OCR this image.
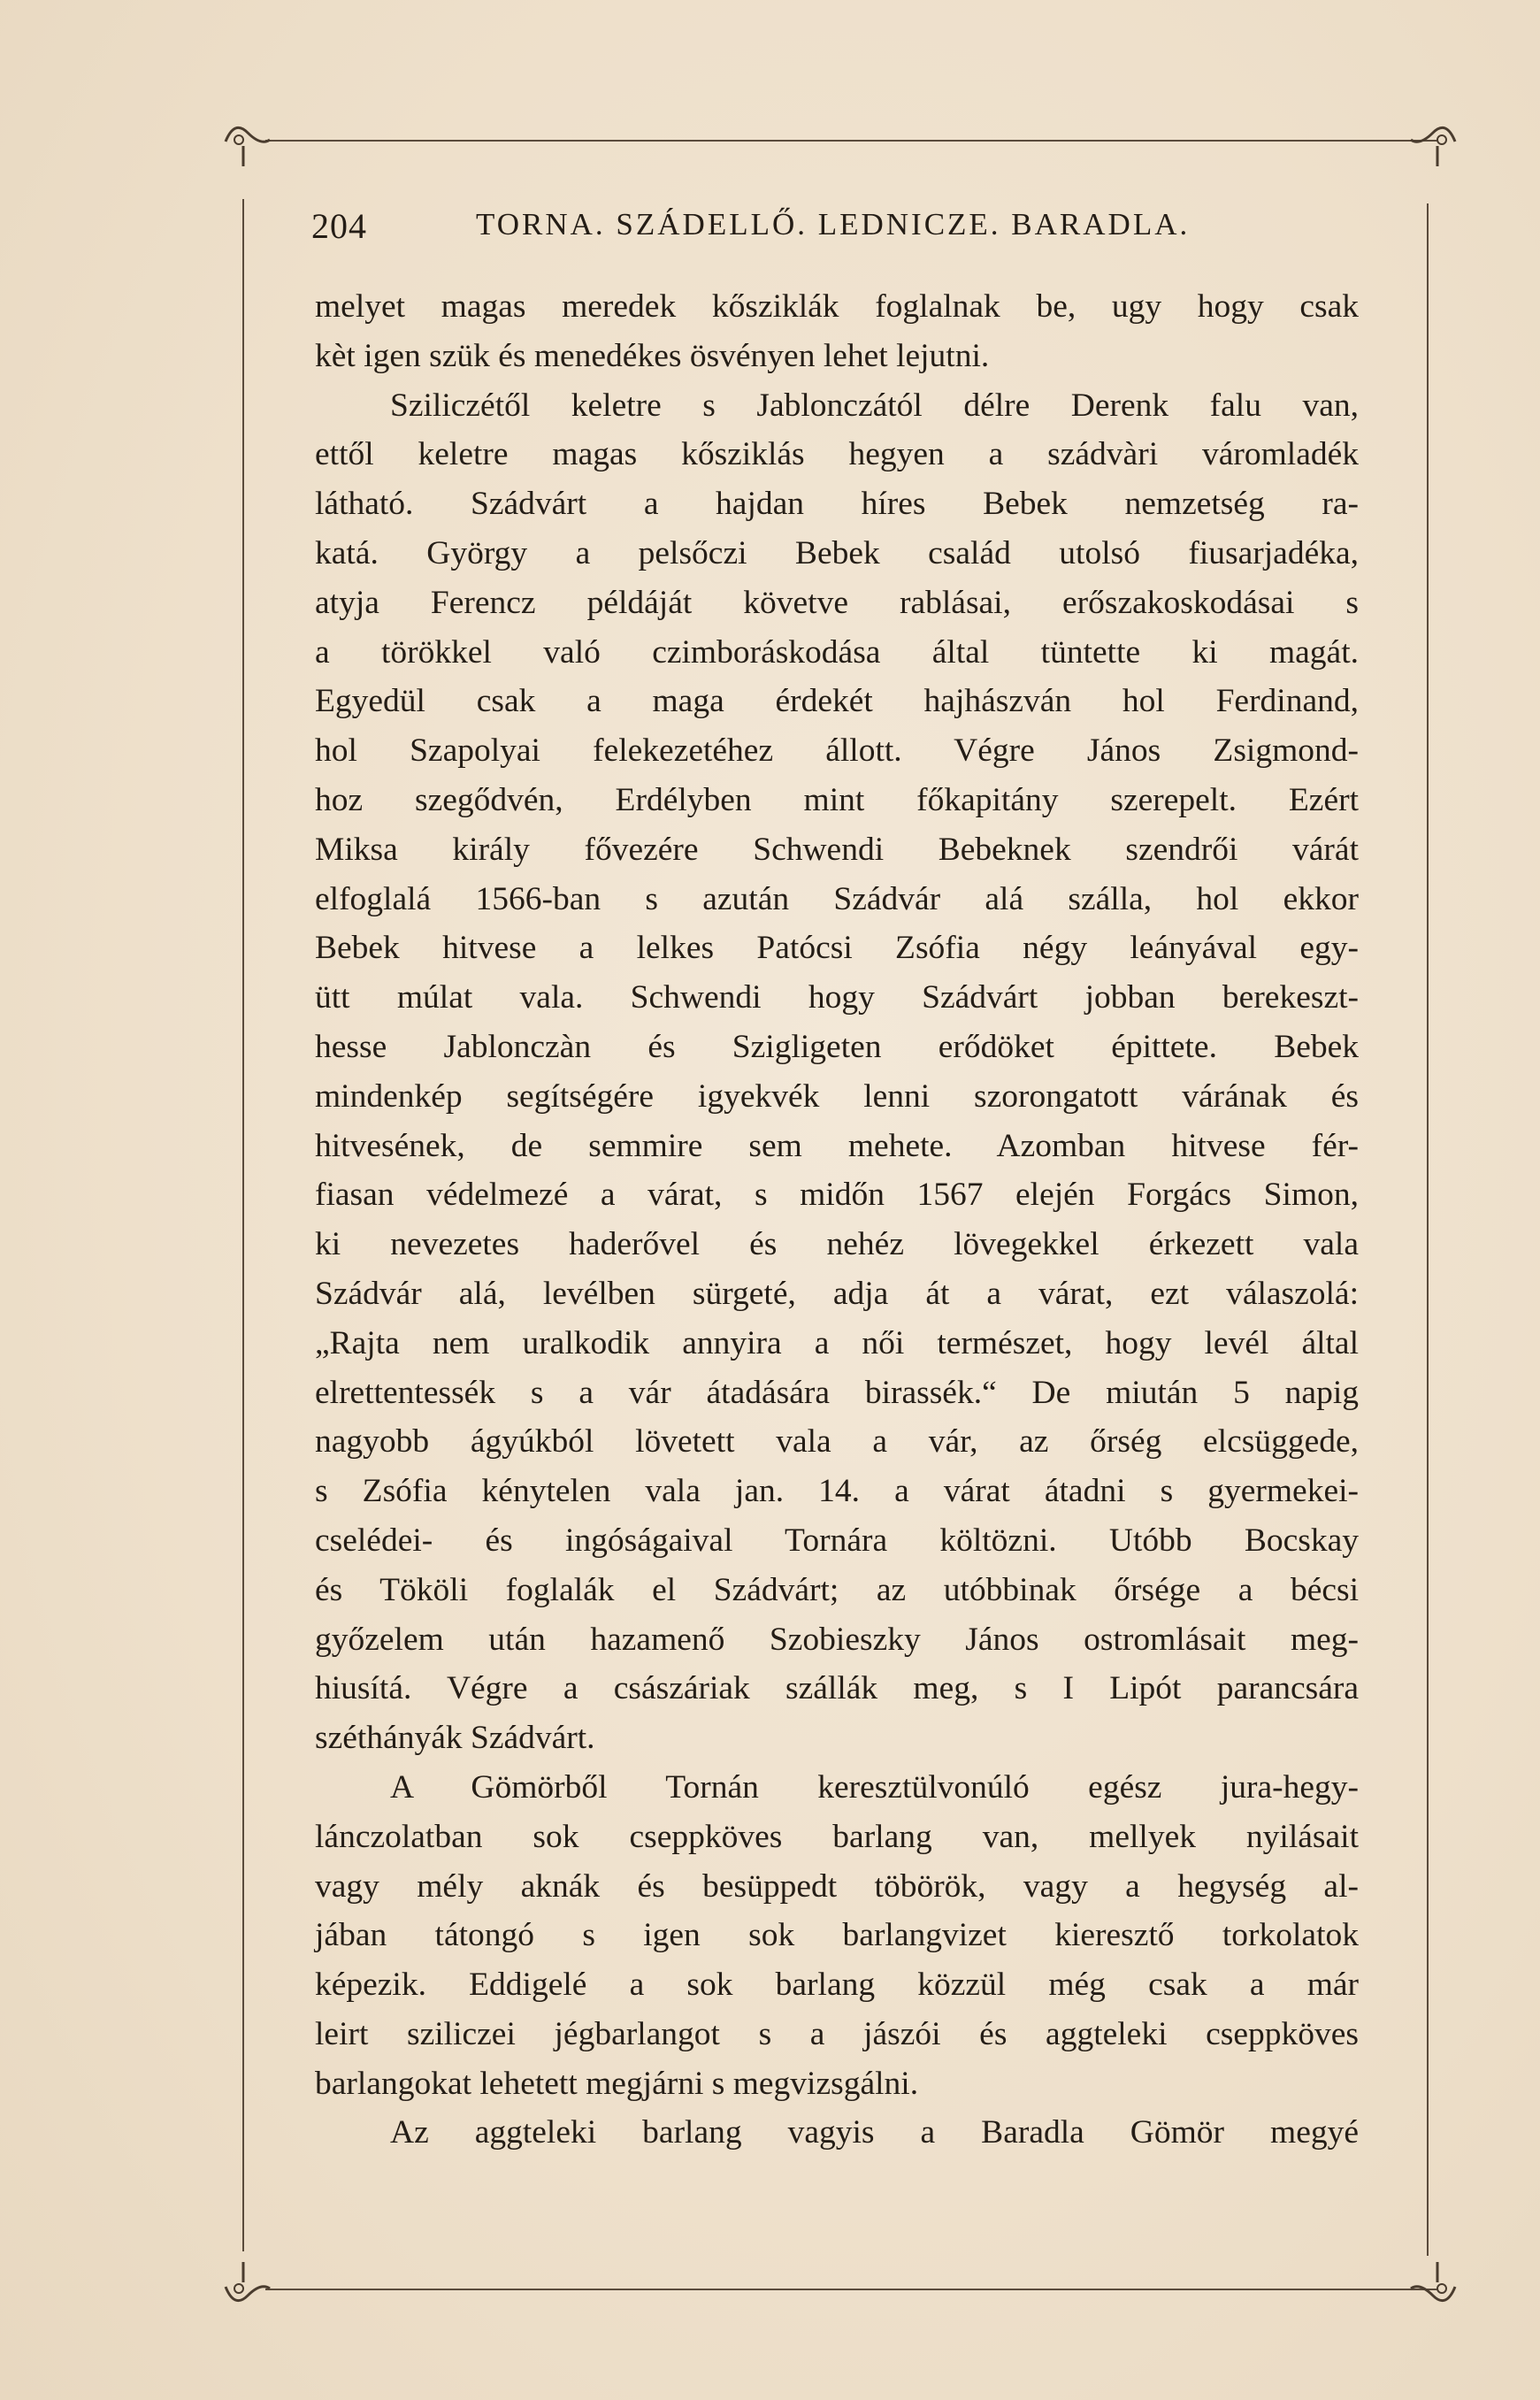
204	TORNA. SZÁDELLŐ. LEDNICZE. BARADLA.
melyet magas meredek kősziklák foglalnak be, ugy hogy csak
kèt igen szük és menedékes ösvényen lehet lejutni.
Sziliczétől keletre s Jablonczától délre Derenk falu van,
ettől keletre magas kősziklás hegyen a szádvàri váromladék
látható. Szádvárt a hajdan híres Bebek nemzetség ra-
katá. György a pelsőczi Bebek család utolsó fiusarjadéka,
atyja Ferencz példáját követve rablásai, erőszakoskodásai s
a törökkel való czimboráskodása által tüntette ki magát.
Egyedül csak a maga érdekét hajhászván hol Ferdinand,
hol Szapolyai felekezetéhez állott. Végre János Zsigmond-
hoz szegődvén, Erdélyben mint főkapitány szerepelt. Ezért
Miksa király fővezére Schwendi Bebeknek szendrői várát
elfoglalá 1566-ban s azután Szádvár alá szálla, hol ekkor
Bebek hitvese a lelkes Patócsi Zsófia négy leányával egy-
ütt múlat vala. Schwendi hogy Szádvárt jobban berekeszt-
hesse Jablonczàn és Szigligeten erődöket épittete. Bebek
mindenkép segítségére igyekvék lenni szorongatott várának és
hitvesének, de semmire sem mehete. Azomban hitvese fér-
fiasan védelmezé a várat, s midőn 1567 elején Forgács Simon,
ki nevezetes haderővel és nehéz lövegekkel érkezett vala
Szádvár alá, levélben sürgeté, adja át a várat, ezt válaszolá:
„Rajta nem uralkodik annyira a női természet, hogy levél által
elrettentessék s a vár átadására birassék.“ De miután 5 napig
nagyobb ágyúkból lövetett vala a vár, az őrség elcsüggede,
s Zsófia kénytelen vala jan. 14. a várat átadni s gyermekei-
cselédei- és ingóságaival Tornára költözni. Utóbb Bocskay
és Tököli foglalák el Szádvárt; az utóbbinak őrsége a bécsi
győzelem után hazamenő Szobieszky János ostromlásait meg-
hiusítá. Végre a császáriak szállák meg, s I Lipót parancsára
széthányák Szádvárt.
A Gömörből Tornán keresztülvonúló egész jura-hegy-
lánczolatban sok cseppköves barlang van, mellyek nyilásait
vagy mély aknák és besüppedt töbörök, vagy a hegység al-
jában tátongó s igen sok barlangvizet kieresztő torkolatok
képezik. Eddigelé a sok barlang közzül még csak a már
leirt sziliczei jégbarlangot s a jászói és aggteleki cseppköves
barlangokat lehetett megjárni s megvizsgálni.
Az aggteleki barlang vagyis a Baradla Gömör megyé
